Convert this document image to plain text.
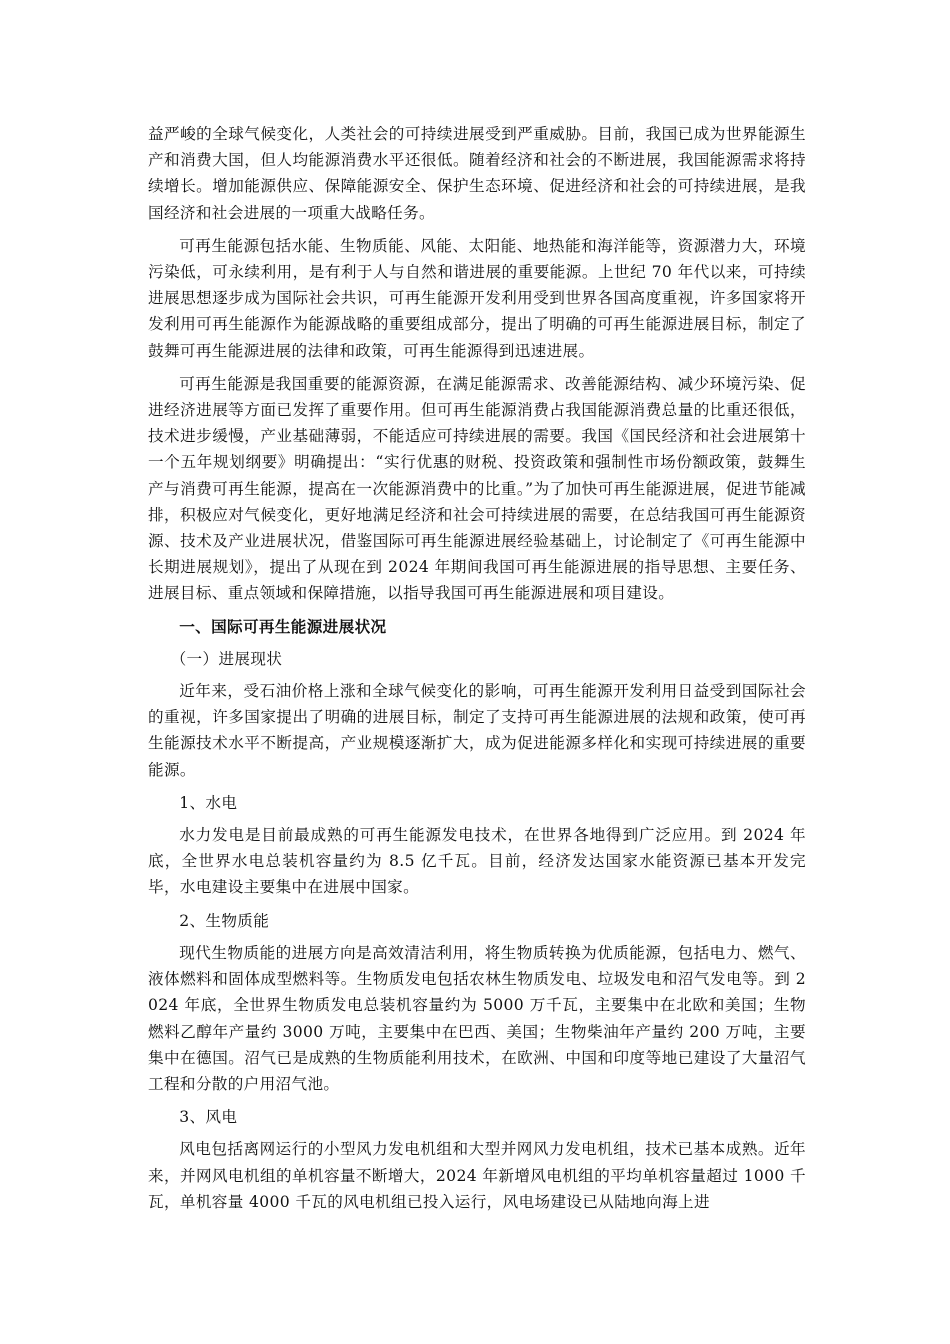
益严峻的全球气候变化，人类社会的可持续进展受到严重威胁。目前，我国已成为世界能源生产和消费大国，但人均能源消费水平还很低。随着经济和社会的不断进展，我国能源需求将持续增长。增加能源供应、保障能源安全、保护生态环境、促进经济和社会的可持续进展，是我国经济和社会进展的一项重大战略任务。

可再生能源包括水能、生物质能、风能、太阳能、地热能和海洋能等，资源潜力大，环境污染低，可永续利用，是有利于人与自然和谐进展的重要能源。上世纪 70 年代以来，可持续进展思想逐步成为国际社会共识，可再生能源开发利用受到世界各国高度重视，许多国家将开发利用可再生能源作为能源战略的重要组成部分，提出了明确的可再生能源进展目标，制定了鼓舞可再生能源进展的法律和政策，可再生能源得到迅速进展。

可再生能源是我国重要的能源资源，在满足能源需求、改善能源结构、减少环境污染、促进经济进展等方面已发挥了重要作用。但可再生能源消费占我国能源消费总量的比重还很低，技术进步缓慢，产业基础薄弱，不能适应可持续进展的需要。我国《国民经济和社会进展第十一个五年规划纲要》明确提出：“实行优惠的财税、投资政策和强制性市场份额政策，鼓舞生产与消费可再生能源，提高在一次能源消费中的比重。”为了加快可再生能源进展，促进节能减排，积极应对气候变化，更好地满足经济和社会可持续进展的需要，在总结我国可再生能源资源、技术及产业进展状况，借鉴国际可再生能源进展经验基础上，讨论制定了《可再生能源中长期进展规划》，提出了从现在到 2024 年期间我国可再生能源进展的指导思想、主要任务、进展目标、重点领域和保障措施，以指导我国可再生能源进展和项目建设。

一、国际可再生能源进展状况

（一）进展现状

近年来，受石油价格上涨和全球气候变化的影响，可再生能源开发利用日益受到国际社会的重视，许多国家提出了明确的进展目标，制定了支持可再生能源进展的法规和政策，使可再生能源技术水平不断提高，产业规模逐渐扩大，成为促进能源多样化和实现可持续进展的重要能源。

1、水电

水力发电是目前最成熟的可再生能源发电技术，在世界各地得到广泛应用。到 2024 年底，全世界水电总装机容量约为 8.5 亿千瓦。目前，经济发达国家水能资源已基本开发完毕，水电建设主要集中在进展中国家。

2、生物质能

现代生物质能的进展方向是高效清洁利用，将生物质转换为优质能源，包括电力、燃气、液体燃料和固体成型燃料等。生物质发电包括农林生物质发电、垃圾发电和沼气发电等。到 2024 年底，全世界生物质发电总装机容量约为 5000 万千瓦，主要集中在北欧和美国；生物燃料乙醇年产量约 3000 万吨，主要集中在巴西、美国；生物柴油年产量约 200 万吨，主要集中在德国。沼气已是成熟的生物质能利用技术，在欧洲、中国和印度等地已建设了大量沼气工程和分散的户用沼气池。

3、风电

风电包括离网运行的小型风力发电机组和大型并网风力发电机组，技术已基本成熟。近年来，并网风电机组的单机容量不断增大，2024 年新增风电机组的平均单机容量超过 1000 千瓦，单机容量 4000 千瓦的风电机组已投入运行，风电场建设已从陆地向海上进
